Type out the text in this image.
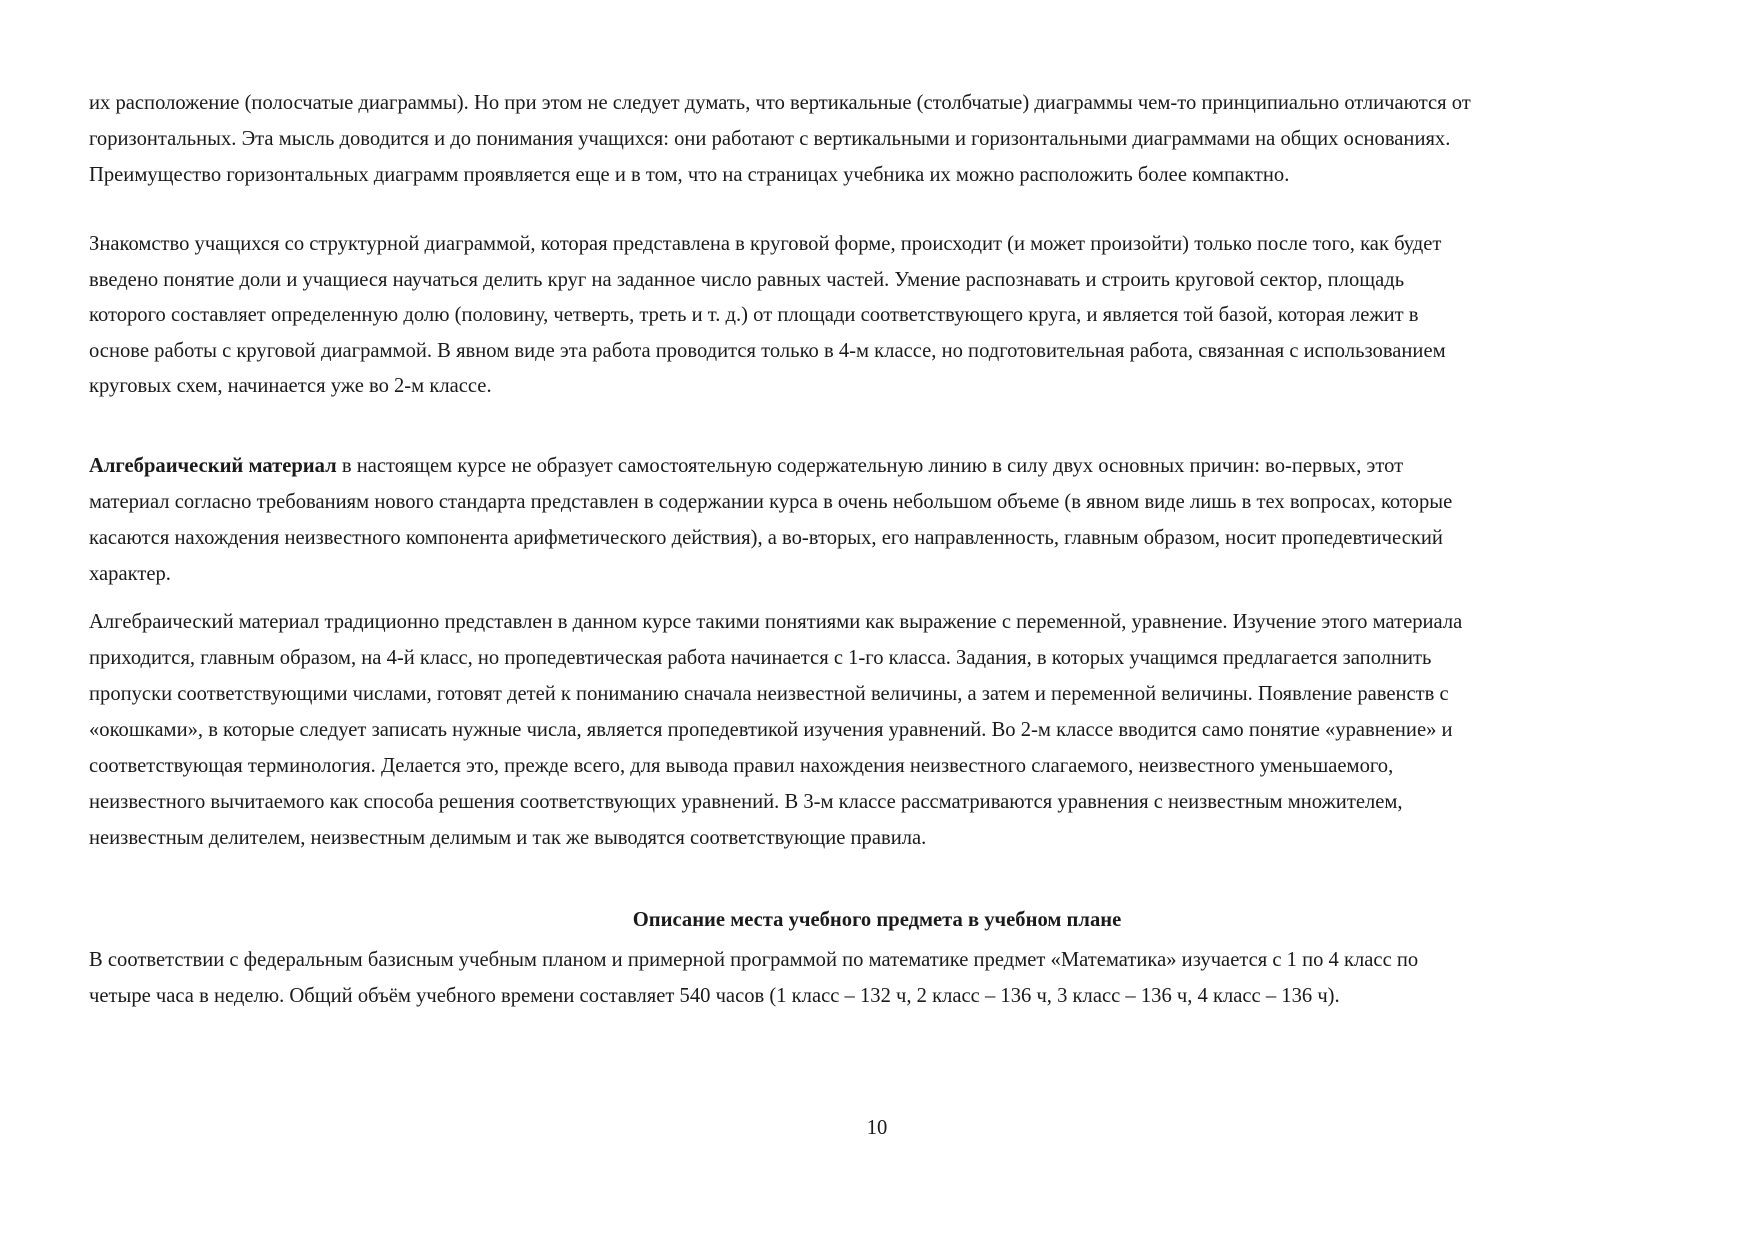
их расположение (полосчатые диаграммы). Но при этом не следует думать, что вертикальные (столбчатые) диаграммы чем-то принципиально отличаются от
горизонтальных. Эта мысль доводится и до понимания учащихся: они работают с вертикальными и горизонтальными диаграммами на общих основаниях.
Преимущество горизонтальных диаграмм проявляется еще и в том, что на страницах учебника их можно расположить более компактно.
Знакомство учащихся со структурной диаграммой, которая представлена в круговой форме, происходит (и может произойти) только после того, как будет
введено понятие доли и учащиеся научаться делить круг на заданное число равных частей. Умение распознавать и строить круговой сектор, площадь
которого составляет определенную долю (половину, четверть, треть и т. д.) от площади соответствующего круга, и является той базой, которая лежит в
основе работы с круговой диаграммой. В явном виде эта работа проводится только в 4-м классе, но подготовительная работа, связанная с использованием
круговых схем, начинается уже во 2-м классе.
Алгебраический материал в настоящем курсе не образует самостоятельную содержательную линию в силу двух основных причин: во-первых, этот
материал согласно требованиям нового стандарта представлен в содержании курса в очень небольшом объеме (в явном виде лишь в тех вопросах, которые
касаются нахождения неизвестного компонента арифметического действия), а во-вторых, его направленность, главным образом, носит пропедевтический
характер.
Алгебраический материал традиционно представлен в данном курсе такими понятиями как выражение с переменной, уравнение. Изучение этого материала
приходится, главным образом, на 4-й класс, но пропедевтическая работа начинается с 1-го класса. Задания, в которых учащимся предлагается заполнить
пропуски соответствующими числами, готовят детей к пониманию сначала неизвестной величины, а затем и переменной величины. Появление равенств с
«окошками», в которые следует записать нужные числа, является пропедевтикой изучения уравнений. Во 2-м классе вводится само понятие «уравнение» и
соответствующая терминология. Делается это, прежде всего, для вывода правил нахождения неизвестного слагаемого, неизвестного уменьшаемого,
неизвестного вычитаемого как способа решения соответствующих уравнений. В 3-м классе рассматриваются уравнения с неизвестным множителем,
неизвестным делителем, неизвестным делимым и так же выводятся соответствующие правила.
Описание места учебного предмета в учебном плане
В соответствии с федеральным базисным учебным планом и примерной программой по математике предмет «Математика» изучается с 1 по 4 класс по
четыре часа в неделю. Общий объём учебного времени составляет 540 часов (1 класс – 132 ч, 2 класс – 136 ч, 3 класс – 136 ч, 4 класс – 136 ч).
10
